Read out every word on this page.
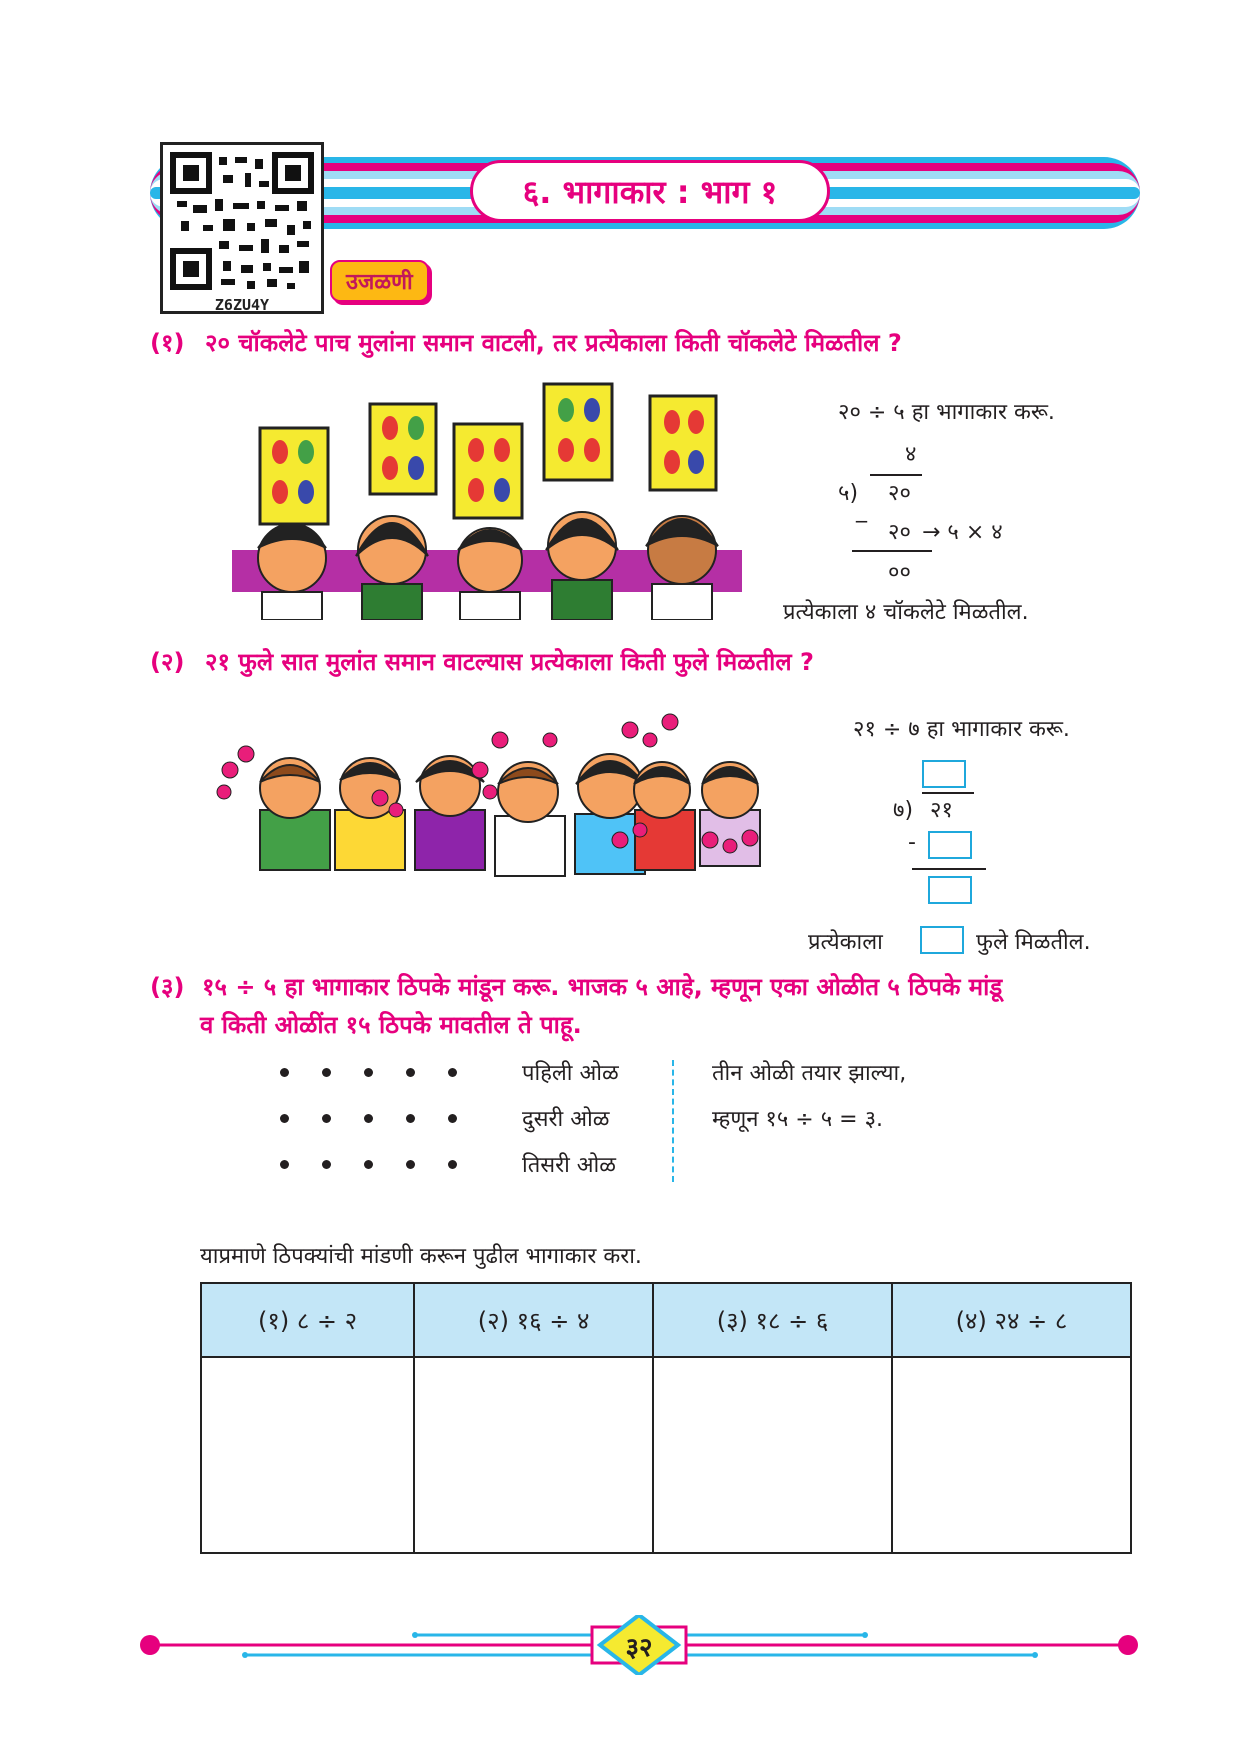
६. भागाकार : भाग १
Z6ZU4Y
उजळणी
(१) २० चॉकलेटे पाच मुलांना समान वाटली, तर प्रत्येकाला किती चॉकलेटे मिळतील ?
२० ÷ ५ हा भागाकार करू.
४
५) २०
_
२० → ५ × ४
००
प्रत्येकाला ४ चॉकलेटे मिळतील.
(२) २१ फुले सात मुलांत समान वाटल्यास प्रत्येकाला किती फुले मिळतील ?
२१ ÷ ७ हा भागाकार करू.
७) २१
-
प्रत्येकाला	फुले मिळतील.
(३) १५ ÷ ५ हा भागाकार ठिपके मांडून करू. भाजक ५ आहे, म्हणून एका ओळीत ५ ठिपके मांडू
व किती ओळींत १५ ठिपके मावतील ते पाहू.
पहिली ओळ
दुसरी ओळ
तिसरी ओळ
तीन ओळी तयार झाल्या,
म्हणून १५ ÷ ५ = ३.
याप्रमाणे ठिपक्यांची मांडणी करून पुढील भागाकार करा.
(१) ८ ÷ २	(२) १६ ÷ ४	(३) १८ ÷ ६	(४) २४ ÷ ८

३२
